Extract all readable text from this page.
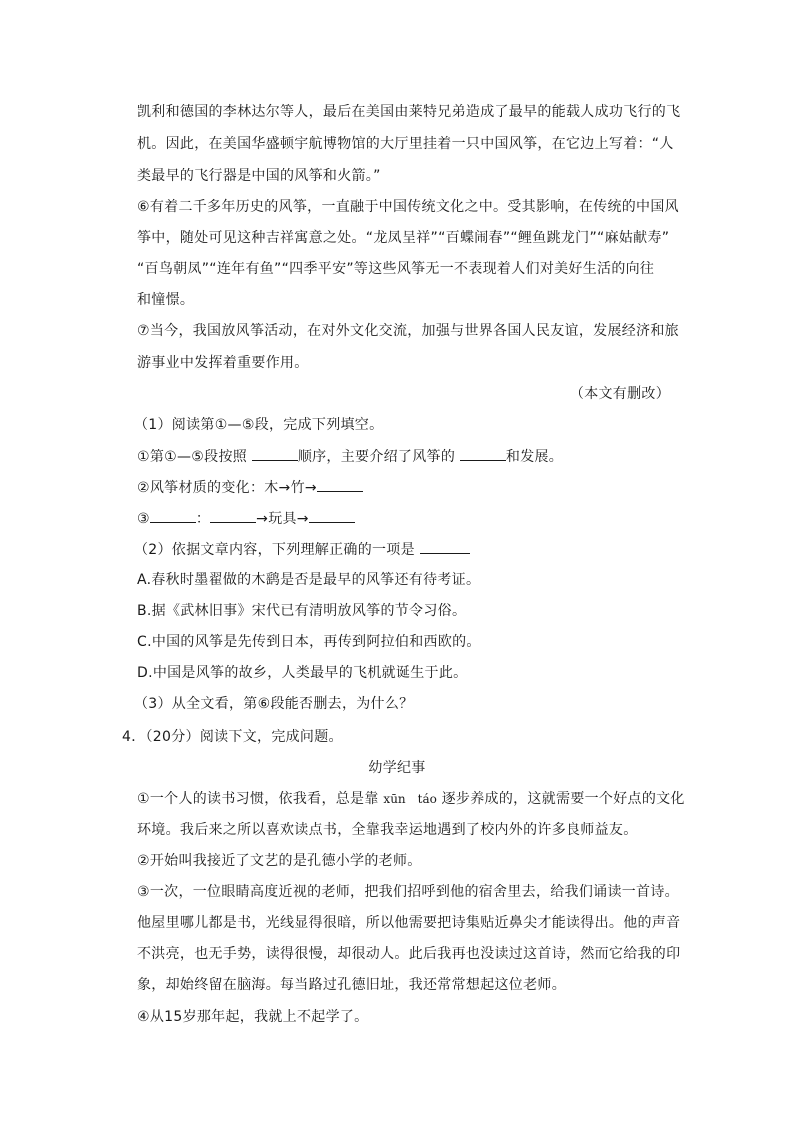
凯利和德国的李林达尔等人，最后在美国由莱特兄弟造成了最早的能载人成功飞行的飞
机。因此，在美国华盛顿宇航博物馆的大厅里挂着一只中国风筝，在它边上写着：“人
类最早的飞行器是中国的风筝和火箭。”
⑥有着二千多年历史的风筝，一直融于中国传统文化之中。受其影响，在传统的中国风
筝中，随处可见这种吉祥寓意之处。“龙凤呈祥”“百蝶闹春”“鲤鱼跳龙门”“麻姑献寿”
“百鸟朝凤”“连年有鱼”“四季平安”等这些风筝无一不表现着人们对美好生活的向往
和憧憬。
⑦当今，我国放风筝活动，在对外文化交流，加强与世界各国人民友谊，发展经济和旅
游事业中发挥着重要作用。
（本文有删改）
（1）阅读第①—⑤段，完成下列填空。
①第①—⑤段按照	顺序，主要介绍了风筝的	和发展。
②风筝材质的变化：木→竹→
③	：	→玩具→
（2）依据文章内容，下列理解正确的一项是
A.春秋时墨翟做的木鹞是否是最早的风筝还有待考证。
B.据《武林旧事》宋代已有清明放风筝的节令习俗。
C.中国的风筝是先传到日本，再传到阿拉伯和西欧的。
D.中国是风筝的故乡，人类最早的飞机就诞生于此。
（3）从全文看，第⑥段能否删去，为什么？
4．（20分）阅读下文，完成问题。
幼学纪事
①一个人的读书习惯，依我看，总是靠 xūn　táo 逐步养成的，这就需要一个好点的文化
环境。我后来之所以喜欢读点书，全靠我幸运地遇到了校内外的许多良师益友。
②开始叫我接近了文艺的是孔德小学的老师。
③一次，一位眼睛高度近视的老师，把我们招呼到他的宿舍里去，给我们诵读一首诗。
他屋里哪儿都是书，光线显得很暗，所以他需要把诗集贴近鼻尖才能读得出。他的声音
不洪亮，也无手势，读得很慢，却很动人。此后我再也没读过这首诗，然而它给我的印
象，却始终留在脑海。每当路过孔德旧址，我还常常想起这位老师。
④从15岁那年起，我就上不起学了。
